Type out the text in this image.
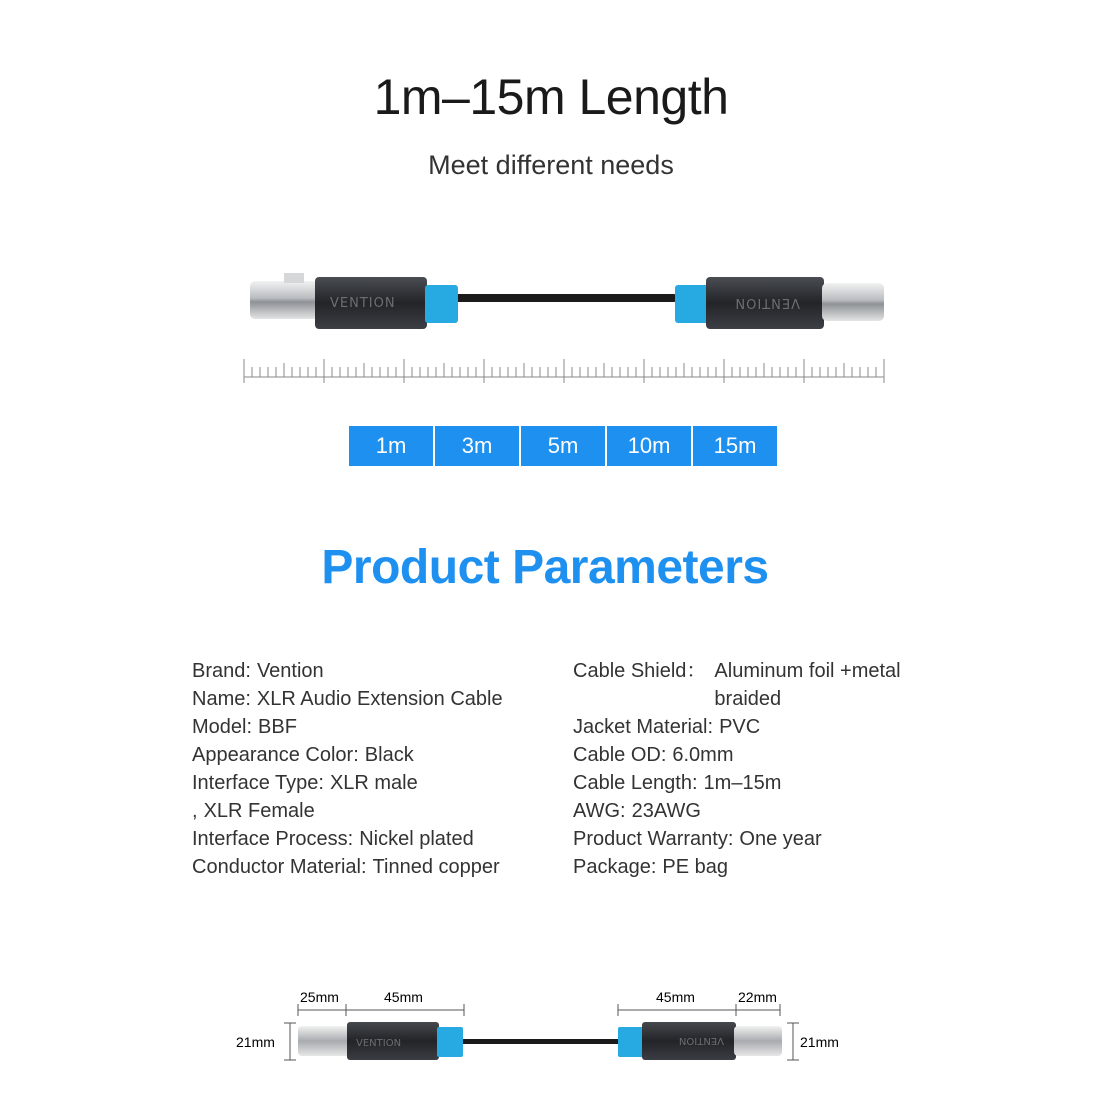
1m–15m Length
Meet different needs
VENTION	VENTION
1m	3m	5m	10m	15m
Product Parameters
Brand: Vention
Name: XLR Audio Extension Cable
Model: BBF
Appearance Color: Black
Interface Type: XLR male
, XLR Female
Interface Process: Nickel plated
Conductor Material: Tinned copper
Cable Shield： Aluminum foil +metal braided
Jacket Material: PVC
Cable OD: 6.0mm
Cable Length: 1m–15m
AWG: 23AWG
Product Warranty: One year
Package: PE bag
25mm	45mm	45mm	22mm
21mm	21mm
VENTION	VENTION
